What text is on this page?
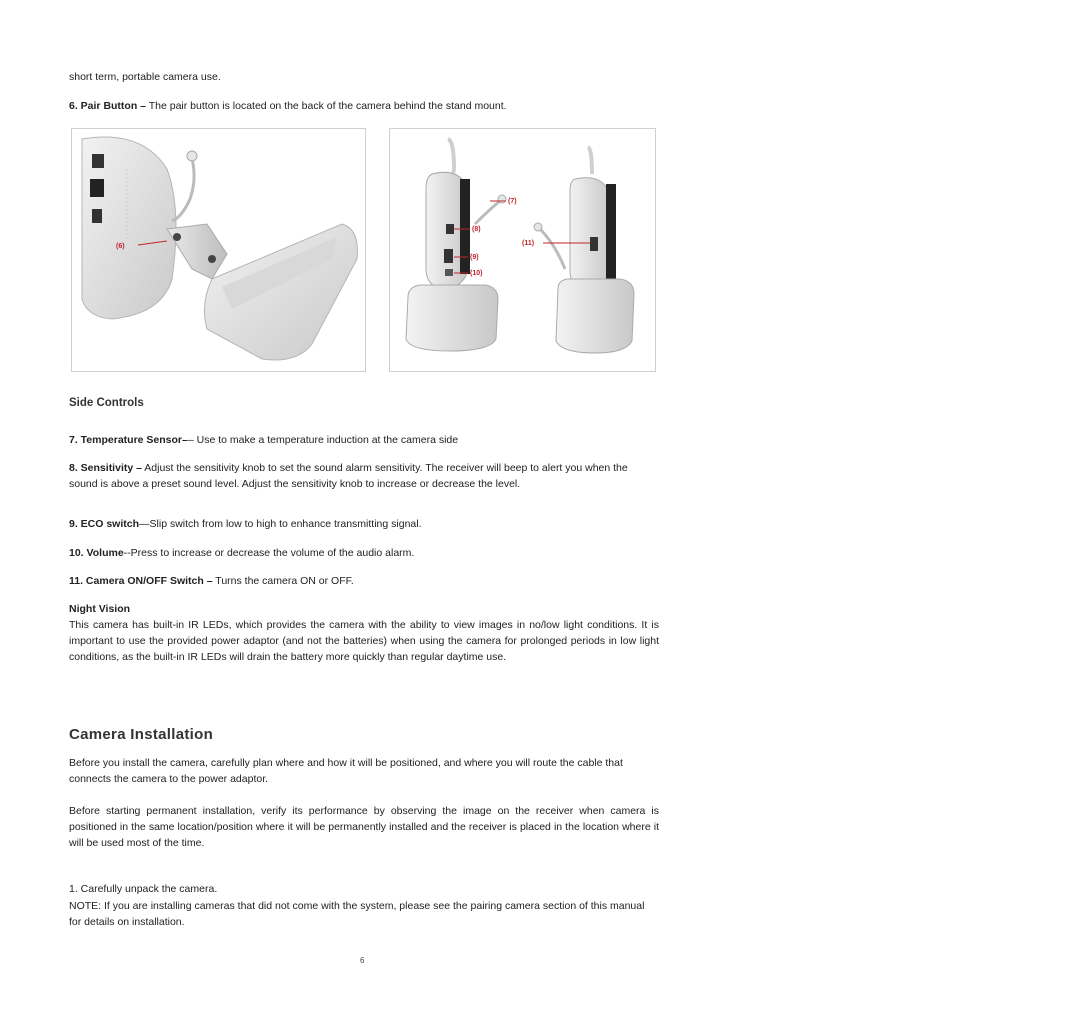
short term, portable camera use.
6. Pair Button – The pair button is located on the back of the camera behind the stand mount.
(6)
(7)
(8)
(9)
(10)
(11)
Side Controls
7. Temperature Sensor–– Use to make a temperature induction at the camera side
8. Sensitivity – Adjust the sensitivity knob to set the sound alarm sensitivity. The receiver will beep to alert you when the sound is above a preset sound level. Adjust the sensitivity knob to increase or decrease the level.
9. ECO switch—Slip switch from low to high to enhance transmitting signal.
10. Volume--Press to increase or decrease the volume of the audio alarm.
11. Camera ON/OFF Switch – Turns the camera ON or OFF.
Night Vision
This camera has built-in IR LEDs, which provides the camera with the ability to view images in no/low light conditions. It is important to use the provided power adaptor (and not the batteries) when using the camera for prolonged periods in low light conditions, as the built-in IR LEDs will drain the battery more quickly than regular daytime use.
Camera Installation
Before you install the camera, carefully plan where and how it will be positioned, and where you will route the cable that connects the camera to the power adaptor.
Before starting permanent installation, verify its performance by observing the image on the receiver when camera is positioned in the same location/position where it will be permanently installed and the receiver is placed in the location where it will be used most of the time.
1. Carefully unpack the camera.
NOTE: If you are installing cameras that did not come with the system, please see the pairing camera section of this manual for details on installation.
6
